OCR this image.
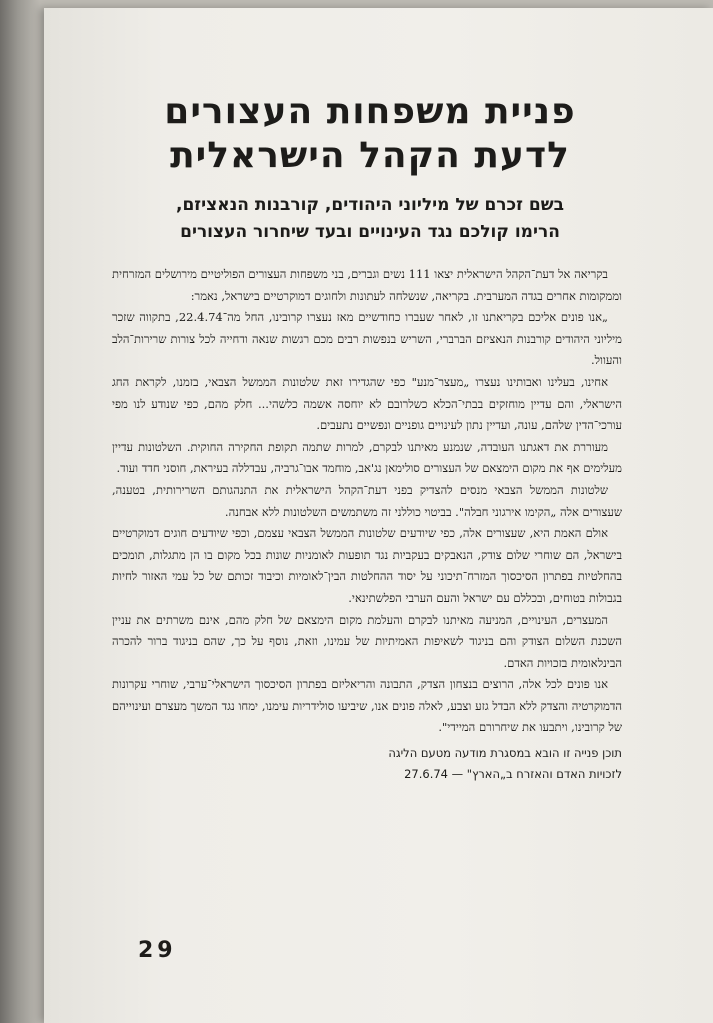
פניית משפחות העצורים
לדעת הקהל הישראלית
בשם זכרם של מיליוני היהודים, קורבנות הנאציזם,
הרימו קולכם נגד העינויים ובעד שיחרור העצורים

בקריאה אל דעת־הקהל הישראלית יצאו 111 נשים וגברים, בני משפחות העצורים הפוליטיים מירושלים המזרחית וממקומות אחרים בגדה המערבית. בקריאה, שנשלחה לעתונות ולחוגים דמוקרטיים בישראל, נאמר:

„אנו פונים אליכם בקריאתנו זו, לאחר שעברו כחודשיים מאז נעצרו קרובינו, החל מה־22.4.74, בתקווה שזכר מיליוני היהודים קורבנות הנאציזם הברברי, השריש בנפשות רבים מכם רגשות שנאה ודחייה לכל צורות שרירות־הלב והעוול.

אחינו, בעלינו ואבותינו נעצרו „מעצר־מנע" כפי שהגדירו זאת שלטונות הממשל הצבאי, בזמנו, לקראת החג הישראלי, והם עדיין מוחזקים בבתי־הכלא כשלרובם לא יוחסה אשמה כלשהי... חלק מהם, כפי שנודע לנו מפי עורכי־הדין שלהם, עונה, ועדיין נתון לעינויים גופניים ונפשיים נתעבים.

מעוררת את דאגתנו העובדה, שנמנע מאיתנו לבקרם, למרות שתמה תקופת החקירה החוקית. השלטונות עדיין מעלימים אף את מקום הימצאם של העצורים סולימאן נג'אב, מוחמד אבו־גרביה, עבדללה בעיראת, חוסני חדד ועוד.

שלטונות הממשל הצבאי מנסים להצדיק בפני דעת־הקהל הישראלית את התנהגותם השרירותית, בטענה, שעצורים אלה „הקימו אירגוני חבלה". בביטוי כוללני זה משתמשים השלטונות ללא אבחנה.

אולם האמת היא, שעצורים אלה, כפי שיודעים שלטונות הממשל הצבאי עצמם, וכפי שיודעים חוגים דמוקרטיים בישראל, הם שוחרי שלום צודק, הנאבקים בעקביות נגד תופעות לאומניות שונות בכל מקום בו הן מתגלות, תומכים בהחלטיות בפתרון הסיכסוך המזרח־תיכוני על יסוד ההחלטות הבין־לאומיות וכיבוד זכותם של כל עמי האזור לחיות בגבולות בטוחים, ובכללם עם ישראל והעם הערבי הפלשתינאי.

המעצרים, העינויים, המניעה מאיתנו לבקרם והעלמת מקום הימצאם של חלק מהם, אינם משרתים את עניין השכנת השלום הצודק והם בניגוד לשאיפות האמיתיות של עמינו, וזאת, נוסף על כך, שהם בניגוד ברור להכרה הבינלאומית בזכויות האדם.

אנו פונים לכל אלה, הרוצים בנצחון הצדק, התבונה והריאליזם בפתרון הסיכסוך הישראלי־ערבי, שוחרי עקרונות הדמוקרטיה והצדק ללא הבדל גזע וצבע, לאלה פונים אנו, שיביעו סולידריות עימנו, ימחו נגד המשך מעצרם ועינוייהם של קרובינו, ויתבעו את שיחרורם המיידי".

תוכן פנייה זו הובא במסגרת מודעה מטעם הליגה
לזכויות האדם והאזרח ב„הארץ" — 27.6.74
29
